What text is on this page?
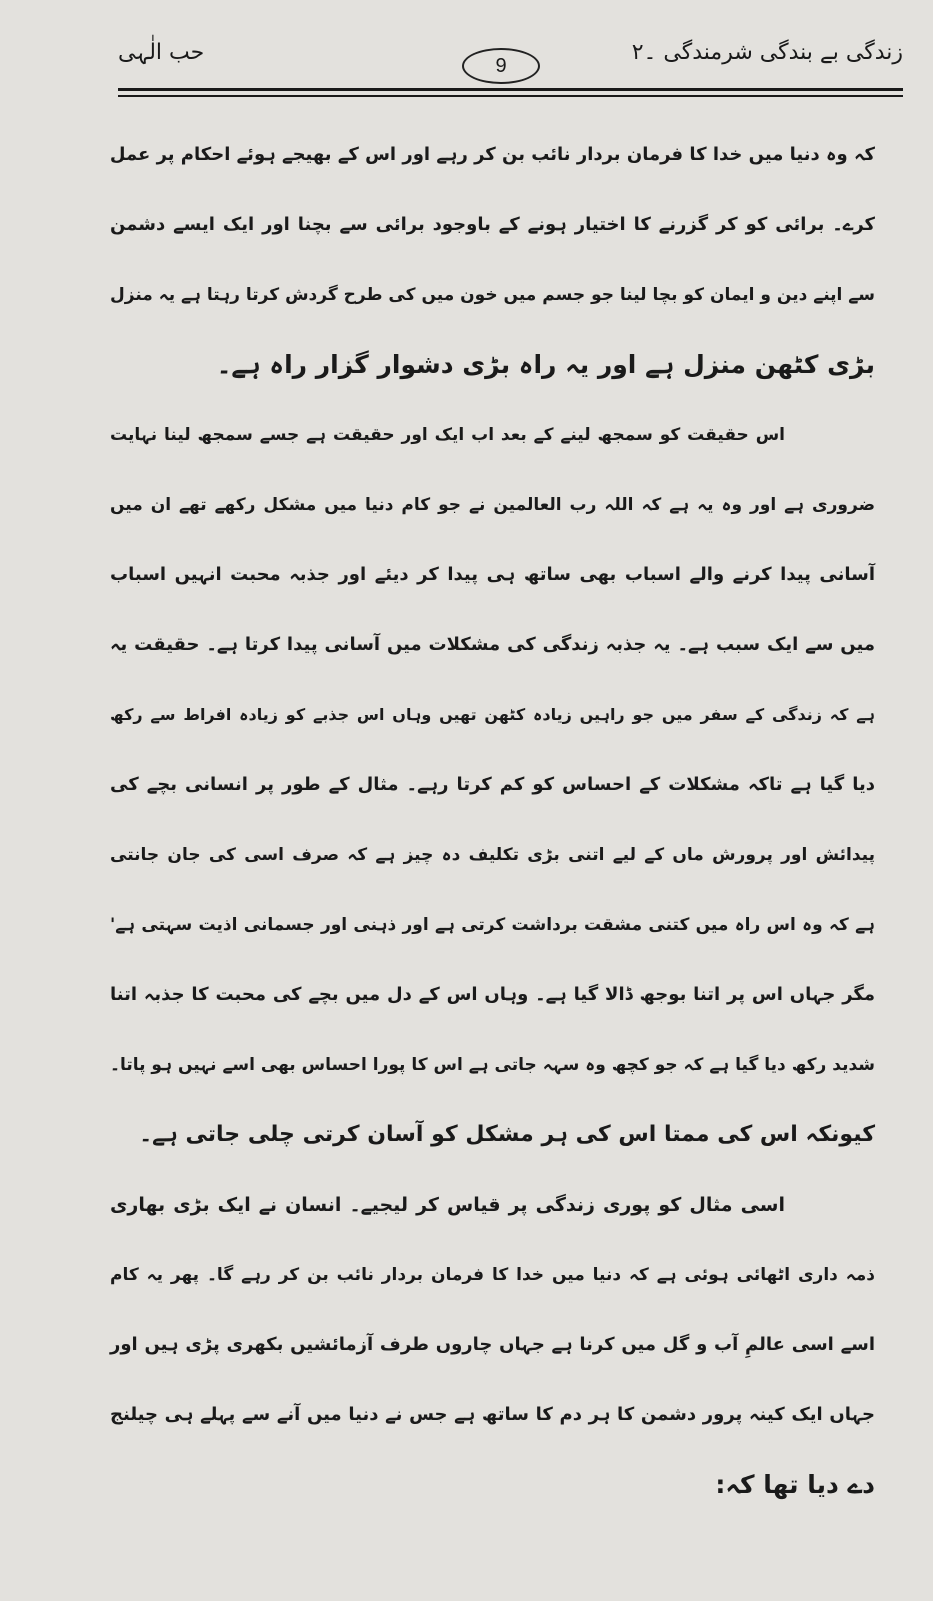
زندگی بے بندگی شرمندگی ۔۲
9
حب الٰہی
کہ وہ دنیا میں خدا کا فرمان بردار نائب بن کر رہے اور اس کے بھیجے ہوئے احکام پر عمل
کرے۔ برائی کو کر گزرنے کا اختیار ہونے کے باوجود برائی سے بچنا اور ایک ایسے دشمن
سے اپنے دین و ایمان کو بچا لینا جو جسم میں خون میں کی طرح گردش کرتا رہتا ہے یہ منزل
بڑی کٹھن منزل ہے اور یہ راہ بڑی دشوار گزار راہ ہے۔
اس حقیقت کو سمجھ لینے کے بعد اب ایک اور حقیقت ہے جسے سمجھ لینا نہایت
ضروری ہے اور وہ یہ ہے کہ اللہ رب العالمین نے جو کام دنیا میں مشکل رکھے تھے ان میں
آسانی پیدا کرنے والے اسباب بھی ساتھ ہی پیدا کر دیئے اور جذبہ محبت انہیں اسباب
میں سے ایک سبب ہے۔ یہ جذبہ زندگی کی مشکلات میں آسانی پیدا کرتا ہے۔ حقیقت یہ
ہے کہ زندگی کے سفر میں جو راہیں زیادہ کٹھن تھیں وہاں اس جذبے کو زیادہ افراط سے رکھ
دیا گیا ہے تاکہ مشکلات کے احساس کو کم کرتا رہے۔ مثال کے طور پر انسانی بچے کی
پیدائش اور پرورش ماں کے لیے اتنی بڑی تکلیف دہ چیز ہے کہ صرف اسی کی جان جانتی
ہے کہ وہ اس راہ میں کتنی مشقت برداشت کرتی ہے اور ذہنی اور جسمانی اذیت سہتی ہے'
مگر جہاں اس پر اتنا بوجھ ڈالا گیا ہے۔ وہاں اس کے دل میں بچے کی محبت کا جذبہ اتنا
شدید رکھ دیا گیا ہے کہ جو کچھ وہ سہہ جاتی ہے اس کا پورا احساس بھی اسے نہیں ہو پاتا۔
کیونکہ اس کی ممتا اس کی ہر مشکل کو آسان کرتی چلی جاتی ہے۔
اسی مثال کو پوری زندگی پر قیاس کر لیجیے۔ انسان نے ایک بڑی بھاری
ذمہ داری اٹھائی ہوئی ہے کہ دنیا میں خدا کا فرمان بردار نائب بن کر رہے گا۔ پھر یہ کام
اسے اسی عالمِ آب و گل میں کرنا ہے جہاں چاروں طرف آزمائشیں بکھری پڑی ہیں اور
جہاں ایک کینہ پرور دشمن کا ہر دم کا ساتھ ہے جس نے دنیا میں آنے سے پہلے ہی چیلنج
دے دیا تھا کہ:
